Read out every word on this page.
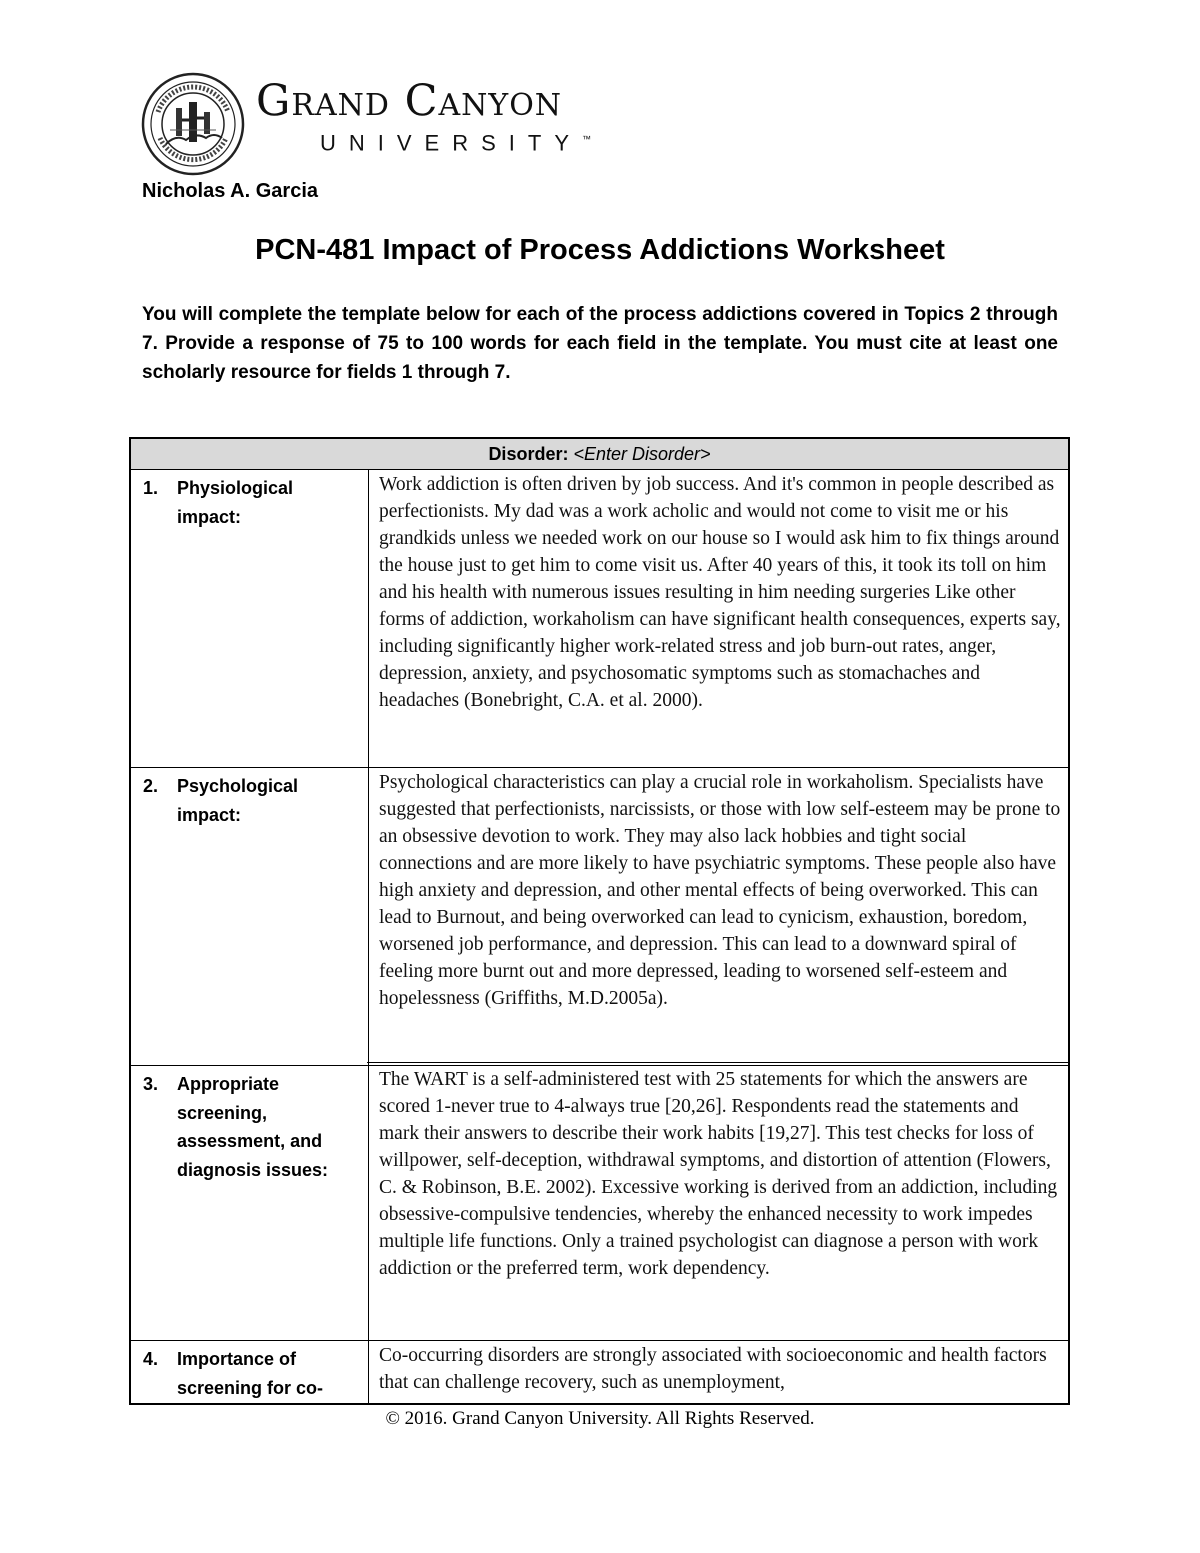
Grand Canyon
UNIVERSITY™
Nicholas A. Garcia
PCN-481 Impact of Process Addictions Worksheet
You will complete the template below for each of the process addictions covered in Topics 2 through 7. Provide a response of 75 to 100 words for each field in the template. You must cite at least one scholarly resource for fields 1 through 7.
Disorder: <Enter Disorder>
1.	Physiological impact:
Work addiction is often driven by job success. And it's common in people described as perfectionists. My dad was a work acholic and would not come to visit me or his grandkids unless we needed work on our house so I would ask him to fix things around the house just to get him to come visit us. After 40 years of this, it took its toll on him and his health with numerous issues resulting in him needing surgeries Like other forms of addiction, workaholism can have significant health consequences, experts say, including significantly higher work-related stress and job burn-out rates, anger, depression, anxiety, and psychosomatic symptoms such as stomachaches and headaches (Bonebright, C.A. et al. 2000).
2.	Psychological impact:
Psychological characteristics can play a crucial role in workaholism. Specialists have suggested that perfectionists, narcissists, or those with low self-esteem may be prone to an obsessive devotion to work. They may also lack hobbies and tight social connections and are more likely to have psychiatric symptoms. These people also have high anxiety and depression, and other mental effects of being overworked. This can lead to Burnout, and being overworked can lead to cynicism, exhaustion, boredom, worsened job performance, and depression. This can lead to a downward spiral of feeling more burnt out and more depressed, leading to worsened self-esteem and hopelessness (Griffiths, M.D.2005a).
3.	Appropriate screening, assessment, and diagnosis issues:
The WART is a self-administered test with 25 statements for which the answers are scored 1-never true to 4-always true [20,26]. Respondents read the statements and mark their answers to describe their work habits [19,27]. This test checks for loss of willpower, self-deception, withdrawal symptoms, and distortion of attention (Flowers, C. & Robinson, B.E. 2002). Excessive working is derived from an addiction, including obsessive-compulsive tendencies, whereby the enhanced necessity to work impedes multiple life functions. Only a trained psychologist can diagnose a person with work addiction or the preferred term, work dependency.
4.	Importance of screening for co-
Co-occurring disorders are strongly associated with socioeconomic and health factors that can challenge recovery, such as unemployment,
© 2016. Grand Canyon University. All Rights Reserved.
